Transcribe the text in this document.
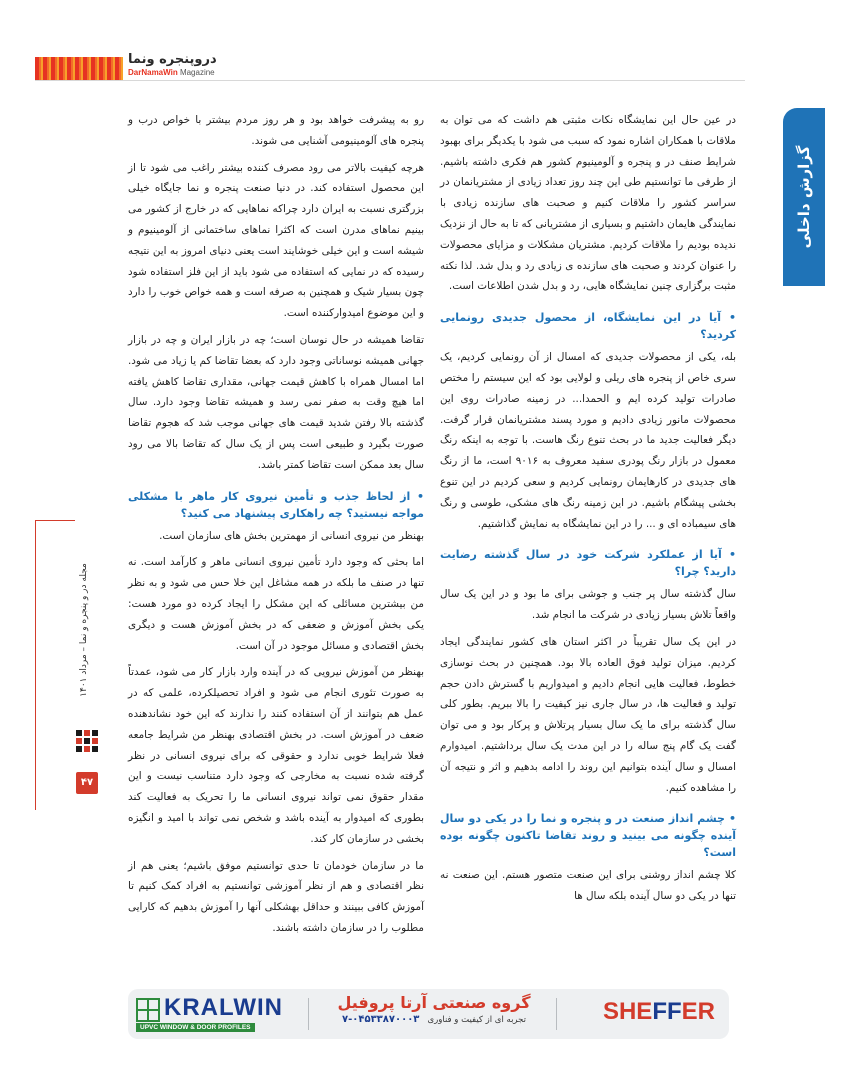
دروپنجره ونما
DarNamaWin Magazine
گزارش داخلی
مجله در و پنجره و نما – مرداد ۱۴۰۱
۴۷

در عین حال این نمایشگاه نکات مثبتی هم داشت که می توان به ملاقات با همکاران اشاره نمود که سبب می شود با یکدیگر برای بهبود شرایط صنف در و پنجره و آلومینیوم کشور هم فکری داشته باشیم. از طرفی ما توانستیم طی این چند روز تعداد زیادی از مشتریانمان در سراسر کشور را ملاقات کنیم و صحبت های سازنده زیادی با نمایندگی هایمان داشتیم و بسیاری از مشتریانی که تا به حال از نزدیک ندیده بودیم را ملاقات کردیم. مشتریان مشکلات و مزایای محصولات را عنوان کردند و صحبت های سازنده ی زیادی رد و بدل شد. لذا نکته مثبت برگزاری چنین نمایشگاه هایی، رد و بدل شدن اطلاعات است.

• آیا در این نمایشگاه، از محصول جدیدی رونمایی کردید؟

بله، یکی از محصولات جدیدی که امسال از آن رونمایی کردیم، یک سری خاص از پنجره های ریلی و لولایی بود که این سیستم را مختص صادرات تولید کرده ایم و الحمدا... در زمینه صادرات روی این محصولات مانور زیادی دادیم و مورد پسند مشتریانمان قرار گرفت. دیگر فعالیت جدید ما در بحث تنوع رنگ هاست. با توجه به اینکه رنگ معمول در بازار رنگ پودری سفید معروف به ۹۰۱۶ است، ما از رنگ های جدیدی در کارهایمان رونمایی کردیم و سعی کردیم در این تنوع بخشی پیشگام باشیم. در این زمینه رنگ های مشکی، طوسی و رنگ های سیمباده ای و ... را در این نمایشگاه به نمایش گذاشتیم.

• آیا از عملکرد شرکت خود در سال گذشته رضایت دارید؟ چرا؟

سال گذشته سال پر جنب و جوشی برای ما بود و در این یک سال واقعاً تلاش بسیار زیادی در شرکت ما انجام شد.

در این یک سال تقریباً در اکثر استان های کشور نمایندگی ایجاد کردیم. میزان تولید فوق العاده بالا بود. همچنین در بحث نوسازی خطوط، فعالیت هایی انجام دادیم و امیدواریم با گسترش دادن حجم تولید و فعالیت ها، در سال جاری نیز کیفیت را بالا ببریم. بطور کلی سال گذشته برای ما یک سال بسیار پرتلاش و پرکار بود و می توان گفت یک گام پنج ساله را در این مدت یک سال برداشتیم. امیدوارم امسال و سال آینده بتوانیم این روند را ادامه بدهیم و اثر و نتیجه آن را مشاهده کنیم.

• چشم انداز صنعت در و پنجره و نما را در یکی دو سال آینده چگونه می بینید و روند تقاضا تاکنون چگونه بوده است؟

کلا چشم انداز روشنی برای این صنعت متصور هستم. این صنعت نه تنها در یکی دو سال آینده بلکه سال ها

رو به پیشرفت خواهد بود و هر روز مردم بیشتر با خواص درب و پنجره های آلومینیومی آشنایی می شوند.

هرچه کیفیت بالاتر می رود مصرف کننده بیشتر راغب می شود تا از این محصول استفاده کند. در دنیا صنعت پنجره و نما جایگاه خیلی بزرگتری نسبت به ایران دارد چراکه نماهایی که در خارج از کشور می بینیم نماهای مدرن است که اکثرا نماهای ساختمانی از آلومینیوم و شیشه است و این خیلی خوشایند است یعنی دنیای امروز به این نتیجه رسیده که در نمایی که استفاده می شود باید از این فلز استفاده شود چون بسیار شیک و همچنین به صرفه است و همه خواص خوب را دارد و این موضوع امیدوارکننده است.

تقاضا همیشه در حال نوسان است؛ چه در بازار ایران و چه در بازار جهانی همیشه نوساناتی وجود دارد که بعضا تقاضا کم یا زیاد می شود. اما امسال همراه با کاهش قیمت جهانی، مقداری تقاضا کاهش یافته اما هیچ وقت به صفر نمی رسد و همیشه تقاضا وجود دارد. سال گذشته بالا رفتن شدید قیمت های جهانی موجب شد که هجوم تقاضا صورت بگیرد و طبیعی است پس از یک سال که تقاضا بالا می رود سال بعد ممکن است تقاضا کمتر باشد.

• از لحاظ جذب و تأمین نیروی کار ماهر با مشکلی مواجه نیستید؟ چه راهکاری پیشنهاد می کنید؟

بهنظر من نیروی انسانی از مهمترین بخش های سازمان است.

اما بحثی که وجود دارد تأمین نیروی انسانی ماهر و کارآمد است. نه تنها در صنف ما بلکه در همه مشاغل این خلا حس می شود و به نظر من بیشترین مسائلی که این مشکل را ایجاد کرده دو مورد هست: یکی بخش آموزش و ضعفی که در بخش آموزش هست و دیگری بخش اقتصادی و مسائل موجود در آن است.

بهنظر من آموزش نیرویی که در آینده وارد بازار کار می شود، عمدتاً به صورت تئوری انجام می شود و افراد تحصیلکرده، علمی که در عمل هم بتوانند از آن استفاده کنند را ندارند که این خود نشاندهنده ضعف در آموزش است. در بخش اقتصادی بهنظر من شرایط جامعه فعلا شرایط خوبی ندارد و حقوقی که برای نیروی انسانی در نظر گرفته شده نسبت به مخارجی که وجود دارد متناسب نیست و این مقدار حقوق نمی تواند نیروی انسانی ما را تحریک به فعالیت کند بطوری که امیدوار به آینده باشد و شخص نمی تواند با امید و انگیزه بخشی در سازمان کار کند.

ما در سازمان خودمان تا حدی توانستیم موفق باشیم؛ یعنی هم از نظر اقتصادی و هم از نظر آموزشی توانستیم به افراد کمک کنیم تا آموزش کافی ببینند و حداقل بهشکلی آنها را آموزش بدهیم که کارایی مطلوب را در سازمان داشته باشند.

KRALWIN
UPVC WINDOW & DOOR PROFILES
گروه صنعتی آرتا پروفیل
تجربه ای از کیفیت و فناوری   ۰۴۵۳۳۸۷۰۰۰۳-۷	SHEFFER
